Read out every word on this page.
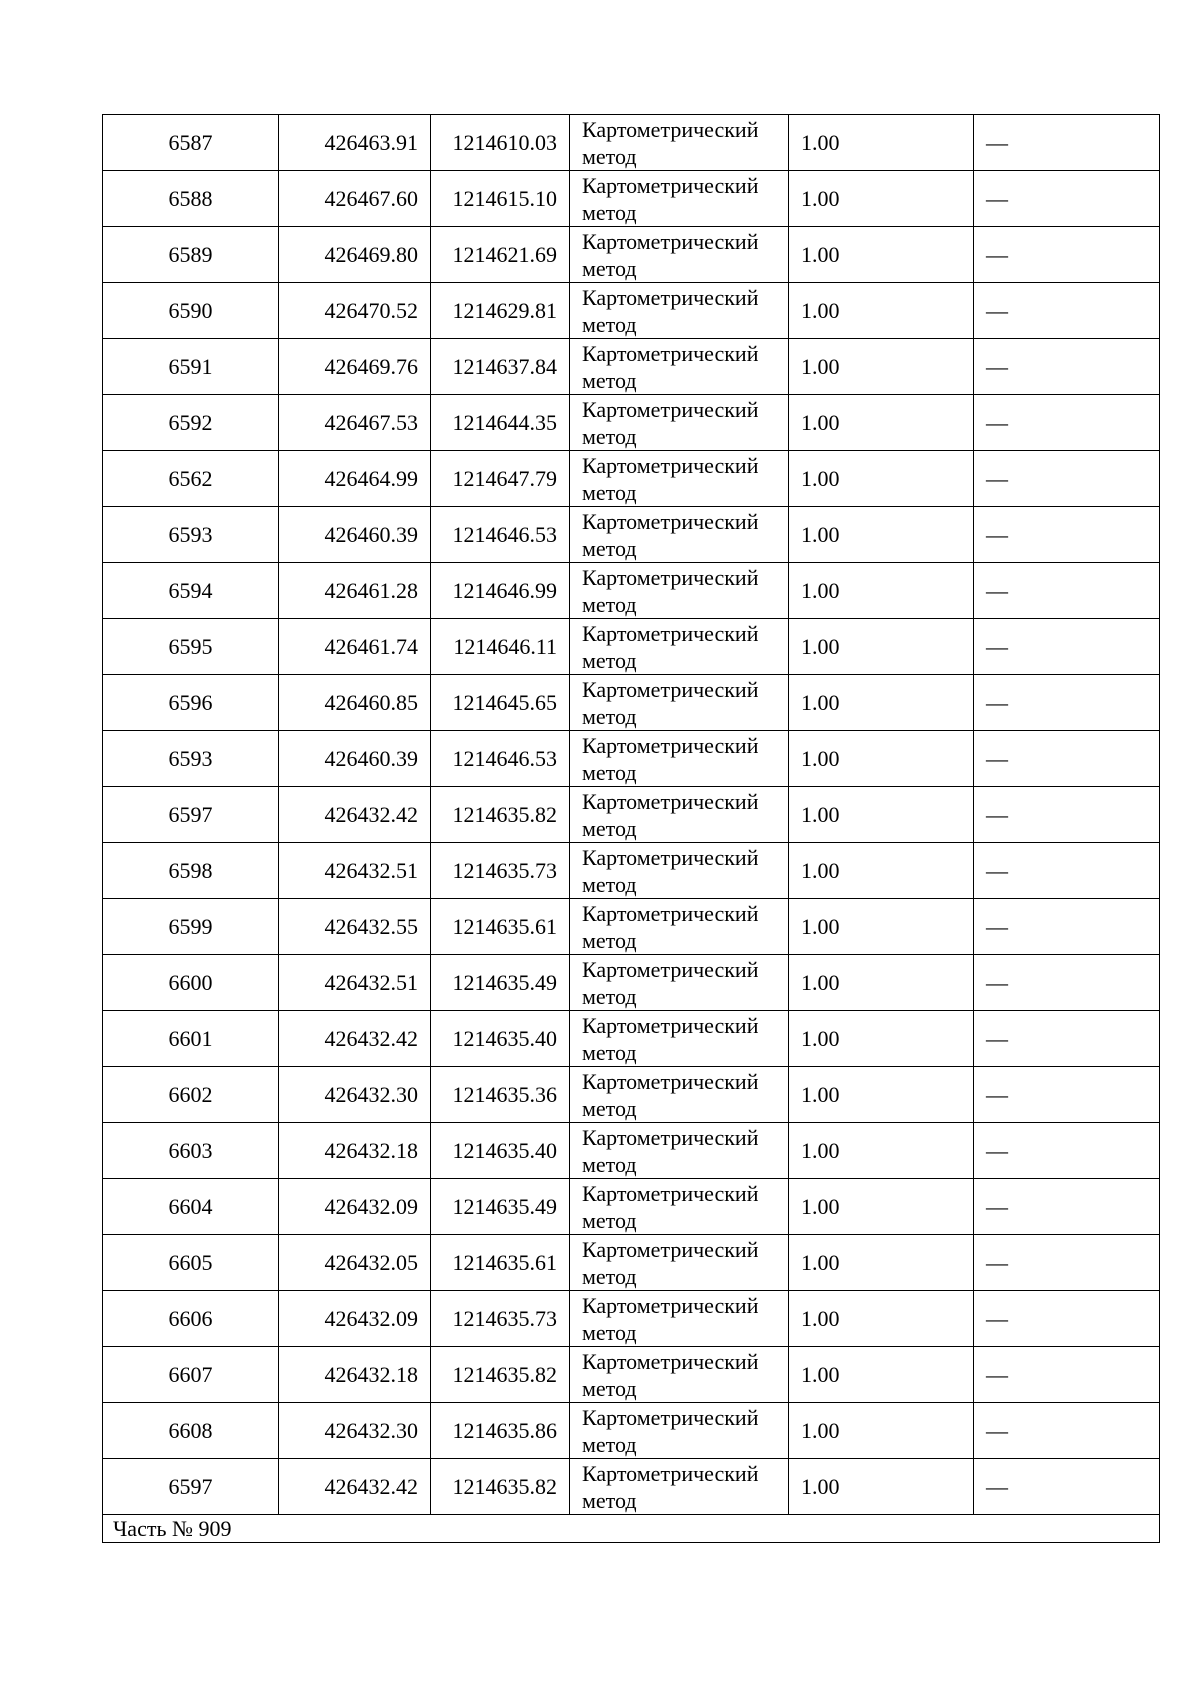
6587	426463.91	1214610.03	Картометрический
метод	1.00	—
6588	426467.60	1214615.10	Картометрический
метод	1.00	—
6589	426469.80	1214621.69	Картометрический
метод	1.00	—
6590	426470.52	1214629.81	Картометрический
метод	1.00	—
6591	426469.76	1214637.84	Картометрический
метод	1.00	—
6592	426467.53	1214644.35	Картометрический
метод	1.00	—
6562	426464.99	1214647.79	Картометрический
метод	1.00	—
6593	426460.39	1214646.53	Картометрический
метод	1.00	—
6594	426461.28	1214646.99	Картометрический
метод	1.00	—
6595	426461.74	1214646.11	Картометрический
метод	1.00	—
6596	426460.85	1214645.65	Картометрический
метод	1.00	—
6593	426460.39	1214646.53	Картометрический
метод	1.00	—
6597	426432.42	1214635.82	Картометрический
метод	1.00	—
6598	426432.51	1214635.73	Картометрический
метод	1.00	—
6599	426432.55	1214635.61	Картометрический
метод	1.00	—
6600	426432.51	1214635.49	Картометрический
метод	1.00	—
6601	426432.42	1214635.40	Картометрический
метод	1.00	—
6602	426432.30	1214635.36	Картометрический
метод	1.00	—
6603	426432.18	1214635.40	Картометрический
метод	1.00	—
6604	426432.09	1214635.49	Картометрический
метод	1.00	—
6605	426432.05	1214635.61	Картометрический
метод	1.00	—
6606	426432.09	1214635.73	Картометрический
метод	1.00	—
6607	426432.18	1214635.82	Картометрический
метод	1.00	—
6608	426432.30	1214635.86	Картометрический
метод	1.00	—
6597	426432.42	1214635.82	Картометрический
метод	1.00	—
Часть № 909					
